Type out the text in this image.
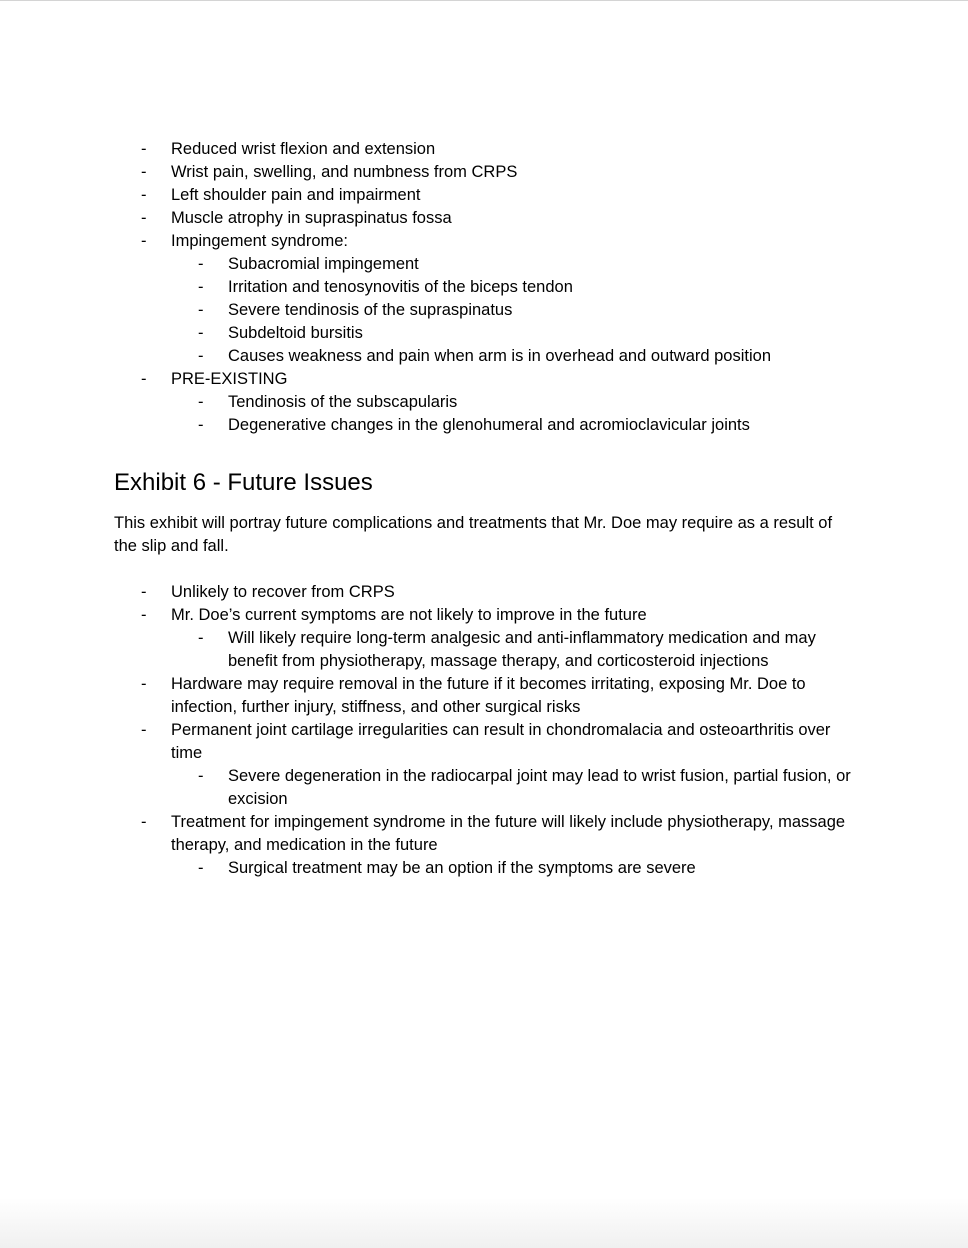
- Reduced wrist flexion and extension
- Wrist pain, swelling, and numbness from CRPS
- Left shoulder pain and impairment
- Muscle atrophy in supraspinatus fossa
- Impingement syndrome:
- Subacromial impingement
- Irritation and tenosynovitis of the biceps tendon
- Severe tendinosis of the supraspinatus
- Subdeltoid bursitis
- Causes weakness and pain when arm is in overhead and outward position
- PRE-EXISTING
- Tendinosis of the subscapularis
- Degenerative changes in the glenohumeral and acromioclavicular joints
Exhibit 6 - Future Issues

This exhibit will portray future complications and treatments that Mr. Doe may require as a result of the slip and fall.

- Unlikely to recover from CRPS
- Mr. Doe’s current symptoms are not likely to improve in the future
- Will likely require long-term analgesic and anti-inflammatory medication and may benefit from physiotherapy, massage therapy, and corticosteroid injections
- Hardware may require removal in the future if it becomes irritating, exposing Mr. Doe to infection, further injury, stiffness, and other surgical risks
- Permanent joint cartilage irregularities can result in chondromalacia and osteoarthritis over time
- Severe degeneration in the radiocarpal joint may lead to wrist fusion, partial fusion, or excision
- Treatment for impingement syndrome in the future will likely include physiotherapy, massage therapy, and medication in the future
- Surgical treatment may be an option if the symptoms are severe
